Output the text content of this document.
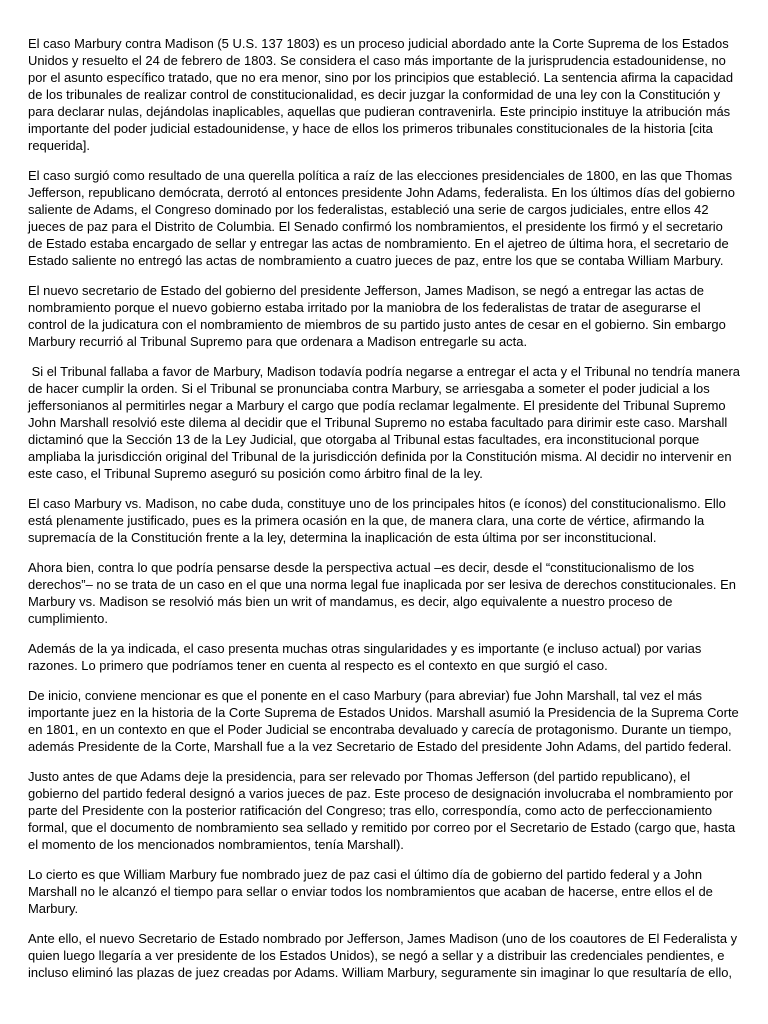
El caso Marbury contra Madison (5 U.S. 137 1803) es un proceso judicial abordado ante la Corte Suprema de los Estados
Unidos y resuelto el 24 de febrero de 1803. Se considera el caso más importante de la jurisprudencia estadounidense, no
por el asunto específico tratado, que no era menor, sino por los principios que estableció. La sentencia afirma la capacidad
de los tribunales de realizar control de constitucionalidad, es decir juzgar la conformidad de una ley con la Constitución y
para declarar nulas, dejándolas inaplicables, aquellas que pudieran contravenirla. Este principio instituye la atribución más
importante del poder judicial estadounidense, y hace de ellos los primeros tribunales constitucionales de la historia [cita
requerida].

El caso surgió como resultado de una querella política a raíz de las elecciones presidenciales de 1800, en las que Thomas
Jefferson, republicano demócrata, derrotó al entonces presidente John Adams, federalista. En los últimos días del gobierno
saliente de Adams, el Congreso dominado por los federalistas, estableció una serie de cargos judiciales, entre ellos 42
jueces de paz para el Distrito de Columbia. El Senado confirmó los nombramientos, el presidente los firmó y el secretario
de Estado estaba encargado de sellar y entregar las actas de nombramiento. En el ajetreo de última hora, el secretario de
Estado saliente no entregó las actas de nombramiento a cuatro jueces de paz, entre los que se contaba William Marbury.

El nuevo secretario de Estado del gobierno del presidente Jefferson, James Madison, se negó a entregar las actas de
nombramiento porque el nuevo gobierno estaba irritado por la maniobra de los federalistas de tratar de asegurarse el
control de la judicatura con el nombramiento de miembros de su partido justo antes de cesar en el gobierno. Sin embargo
Marbury recurrió al Tribunal Supremo para que ordenara a Madison entregarle su acta.

Si el Tribunal fallaba a favor de Marbury, Madison todavía podría negarse a entregar el acta y el Tribunal no tendría manera
de hacer cumplir la orden. Si el Tribunal se pronunciaba contra Marbury, se arriesgaba a someter el poder judicial a los
jeffersonianos al permitirles negar a Marbury el cargo que podía reclamar legalmente. El presidente del Tribunal Supremo
John Marshall resolvió este dilema al decidir que el Tribunal Supremo no estaba facultado para dirimir este caso. Marshall
dictaminó que la Sección 13 de la Ley Judicial, que otorgaba al Tribunal estas facultades, era inconstitucional porque
ampliaba la jurisdicción original del Tribunal de la jurisdicción definida por la Constitución misma. Al decidir no intervenir en
este caso, el Tribunal Supremo aseguró su posición como árbitro final de la ley.

El caso Marbury vs. Madison, no cabe duda, constituye uno de los principales hitos (e íconos) del constitucionalismo. Ello
está plenamente justificado, pues es la primera ocasión en la que, de manera clara, una corte de vértice, afirmando la
supremacía de la Constitución frente a la ley, determina la inaplicación de esta última por ser inconstitucional.

Ahora bien, contra lo que podría pensarse desde la perspectiva actual –es decir, desde el “constitucionalismo de los
derechos”– no se trata de un caso en el que una norma legal fue inaplicada por ser lesiva de derechos constitucionales. En
Marbury vs. Madison se resolvió más bien un writ of mandamus, es decir, algo equivalente a nuestro proceso de
cumplimiento.

Además de la ya indicada, el caso presenta muchas otras singularidades y es importante (e incluso actual) por varias
razones. Lo primero que podríamos tener en cuenta al respecto es el contexto en que surgió el caso.

De inicio, conviene mencionar es que el ponente en el caso Marbury (para abreviar) fue John Marshall, tal vez el más
importante juez en la historia de la Corte Suprema de Estados Unidos. Marshall asumió la Presidencia de la Suprema Corte
en 1801, en un contexto en que el Poder Judicial se encontraba devaluado y carecía de protagonismo. Durante un tiempo,
además Presidente de la Corte, Marshall fue a la vez Secretario de Estado del presidente John Adams, del partido federal.

Justo antes de que Adams deje la presidencia, para ser relevado por Thomas Jefferson (del partido republicano), el
gobierno del partido federal designó a varios jueces de paz. Este proceso de designación involucraba el nombramiento por
parte del Presidente con la posterior ratificación del Congreso; tras ello, correspondía, como acto de perfeccionamiento
formal, que el documento de nombramiento sea sellado y remitido por correo por el Secretario de Estado (cargo que, hasta
el momento de los mencionados nombramientos, tenía Marshall).

Lo cierto es que William Marbury fue nombrado juez de paz casi el último día de gobierno del partido federal y a John
Marshall no le alcanzó el tiempo para sellar o enviar todos los nombramientos que acaban de hacerse, entre ellos el de
Marbury.

Ante ello, el nuevo Secretario de Estado nombrado por Jefferson, James Madison (uno de los coautores de El Federalista y
quien luego llegaría a ver presidente de los Estados Unidos), se negó a sellar y a distribuir las credenciales pendientes, e
incluso eliminó las plazas de juez creadas por Adams. William Marbury, seguramente sin imaginar lo que resultaría de ello,
